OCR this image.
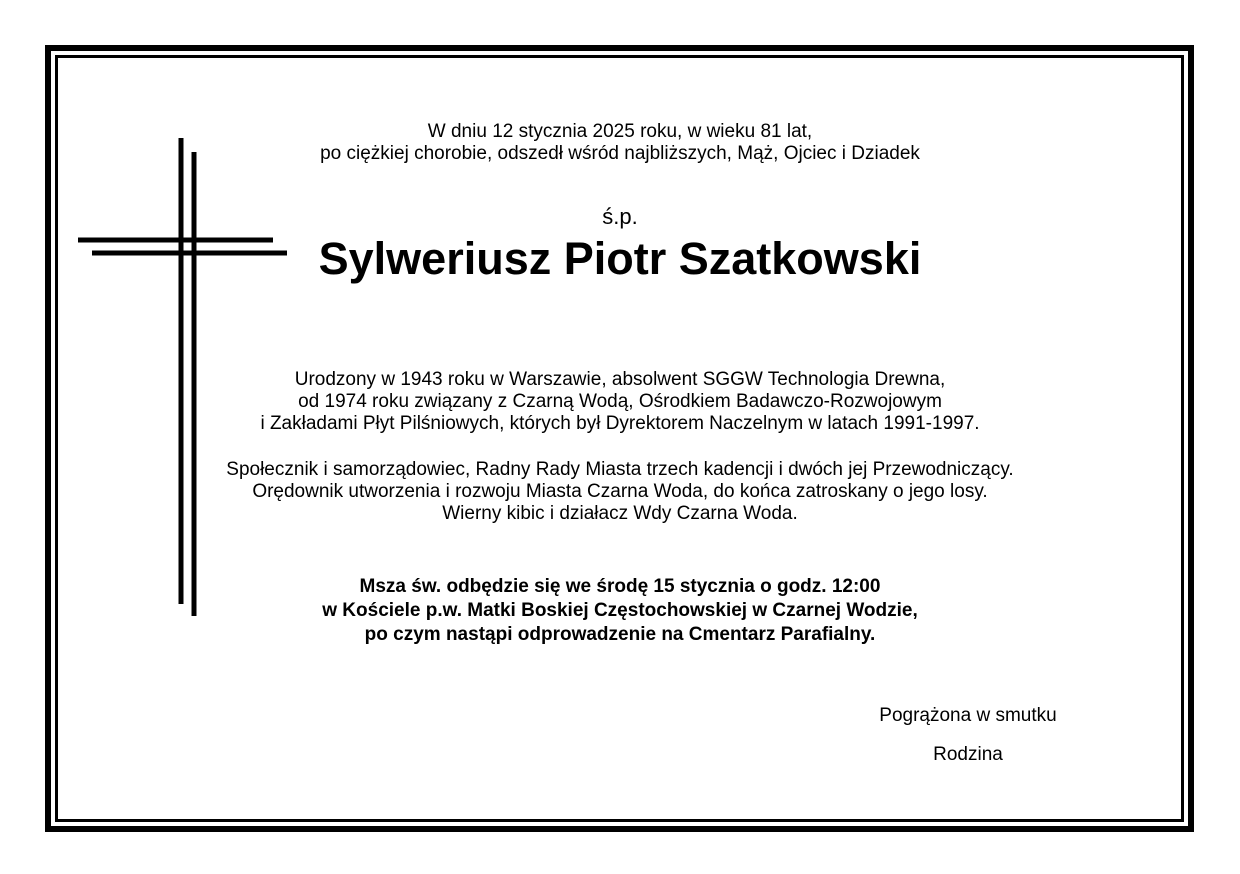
W dniu 12 stycznia 2025 roku, w wieku 81 lat,
po ciężkiej chorobie, odszedł wśród najbliższych, Mąż, Ojciec i Dziadek
ś.p.
Sylweriusz Piotr Szatkowski
Urodzony w 1943 roku w Warszawie, absolwent SGGW Technologia Drewna,
od 1974 roku związany z Czarną Wodą, Ośrodkiem Badawczo-Rozwojowym
i Zakładami Płyt Pilśniowych, których był Dyrektorem Naczelnym w latach 1991-1997.
Społecznik i samorządowiec, Radny Rady Miasta trzech kadencji i dwóch jej Przewodniczący.
Orędownik utworzenia i rozwoju Miasta Czarna Woda, do końca zatroskany o jego losy.
Wierny kibic i działacz Wdy Czarna Woda.
Msza św. odbędzie się we środę 15 stycznia o godz. 12:00
w Kościele p.w. Matki Boskiej Częstochowskiej w Czarnej Wodzie,
po czym nastąpi odprowadzenie na Cmentarz Parafialny.
Pogrążona w smutku
Rodzina
